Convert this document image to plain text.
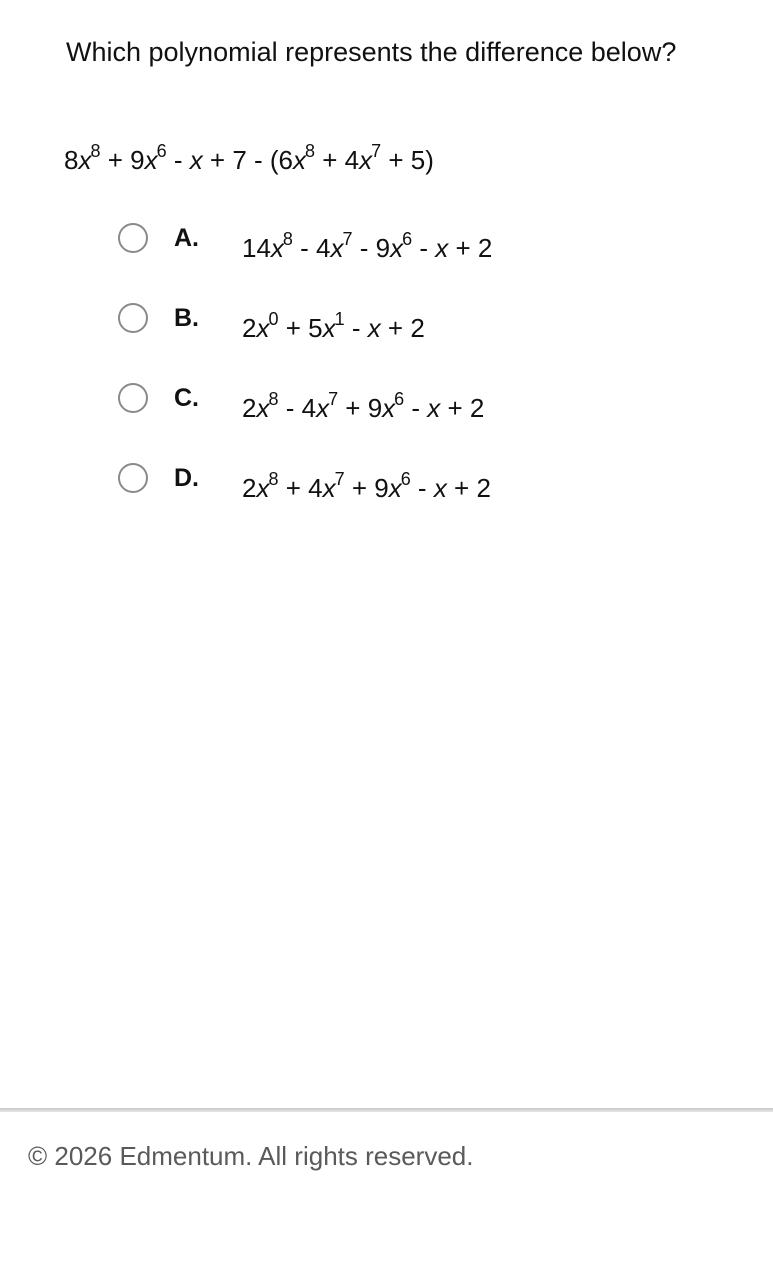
Which polynomial represents the difference below?
$8x^8 + 9x^6 - x + 7 - (6x^8 + 4x^7 + 5)$
A. $14x^8 - 4x^7 - 9x^6 - x + 2$
B. $2x^0 + 5x^1 - x + 2$
C. $2x^8 - 4x^7 + 9x^6 - x + 2$
D. $2x^8 + 4x^7 + 9x^6 - x + 2$
© 2026 Edmentum. All rights reserved.
